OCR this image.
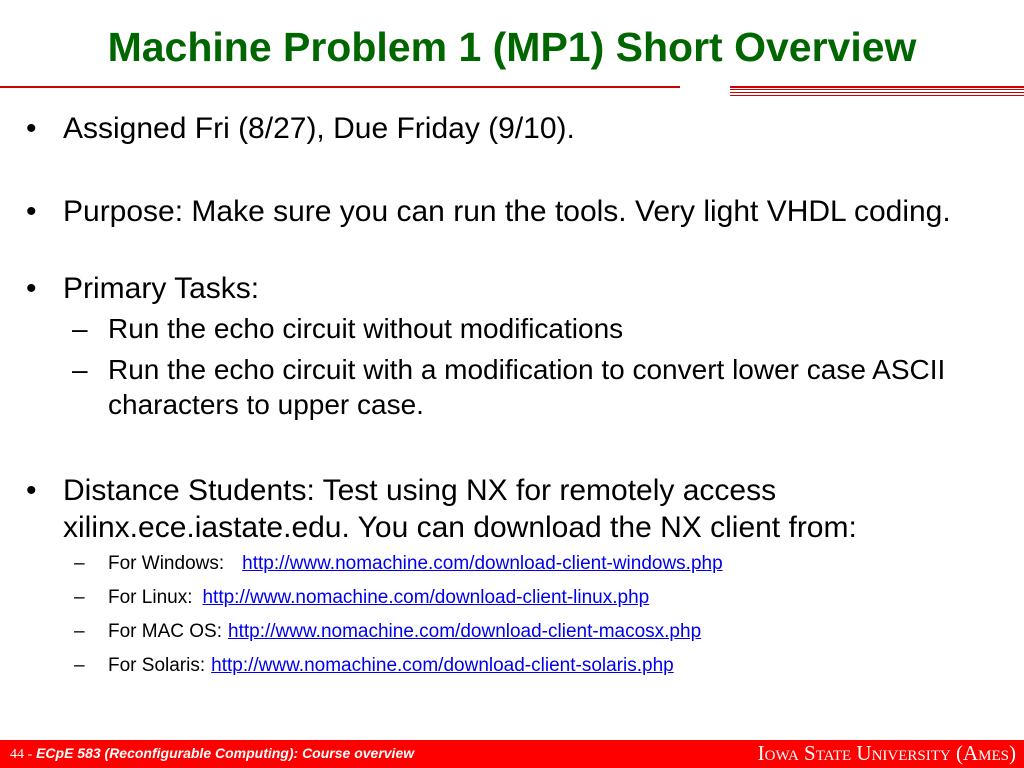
Machine Problem 1 (MP1) Short Overview
• Assigned Fri (8/27), Due Friday (9/10).
• Purpose: Make sure you can run the tools. Very light VHDL coding.
• Primary Tasks:
– Run the echo circuit without modifications
– Run the echo circuit with a modification to convert lower case ASCII characters to upper case.
• Distance Students: Test using NX for remotely access xilinx.ece.iastate.edu. You can download the NX client from:
– For Windows: http://www.nomachine.com/download-client-windows.php
– For Linux: http://www.nomachine.com/download-client-linux.php
– For MAC OS: http://www.nomachine.com/download-client-macosx.php
– For Solaris: http://www.nomachine.com/download-client-solaris.php
44 - ECpE 583 (Reconfigurable Computing): Course overview	Iowa State University (Ames)
